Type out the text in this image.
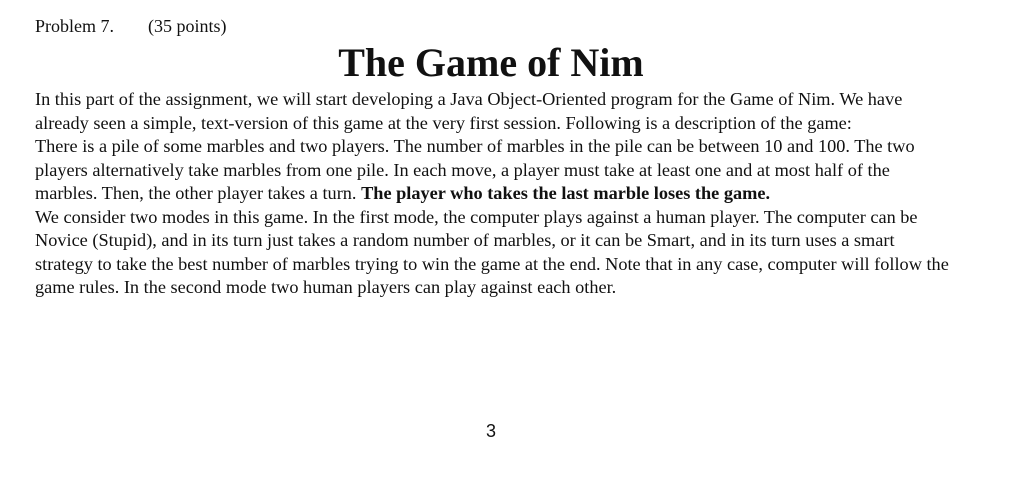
Problem 7. (35 points)
The Game of Nim

In this part of the assignment, we will start developing a Java Object-Oriented program for the Game of Nim. We have already seen a simple, text-version of this game at the very first session. Following is a description of the game:

There is a pile of some marbles and two players. The number of marbles in the pile can be between 10 and 100. The two players alternatively take marbles from one pile. In each move, a player must take at least one and at most half of the marbles. Then, the other player takes a turn. The player who takes the last marble loses the game.

We consider two modes in this game. In the first mode, the computer plays against a human player. The computer can be Novice (Stupid), and in its turn just takes a random number of marbles, or it can be Smart, and in its turn uses a smart strategy to take the best number of marbles trying to win the game at the end. Note that in any case, computer will follow the game rules. In the second mode two human players can play against each other.

3
